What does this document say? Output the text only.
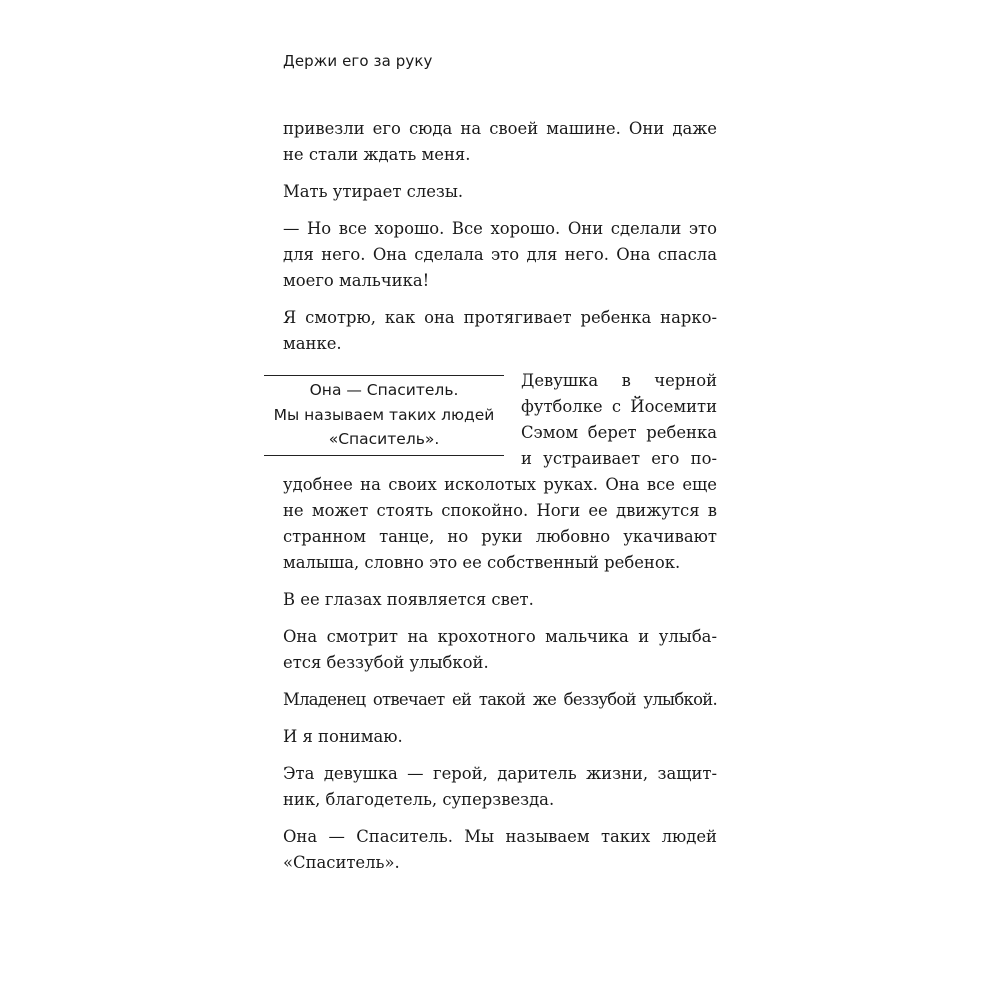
Держи его за руку
привезли его сюда на своей машине. Они даже
не стали ждать меня.
Мать утирает слезы.
— Но все хорошо. Все хорошо. Они сделали это
для него. Она сделала это для него. Она спасла
моего мальчика!
Я смотрю, как она протягивает ребенка нарко-
манке.
Девушка в черной
футболке с Йосемити
Сэмом берет ребенка
и устраивает его по-
удобнее на своих исколотых руках. Она все еще
не может стоять спокойно. Ноги ее движутся в
странном танце, но руки любовно укачивают
малыша, словно это ее собственный ребенок.
В ее глазах появляется свет.
Она смотрит на крохотного мальчика и улыба-
ется беззубой улыбкой.
Младенец отвечает ей такой же беззубой улыбкой.
И я понимаю.
Эта девушка — герой, даритель жизни, защит-
ник, благодетель, суперзвезда.
Она — Спаситель. Мы называем таких людей
«Спаситель».
Она — Спаситель.
Мы называем таких людей
«Спаситель».
